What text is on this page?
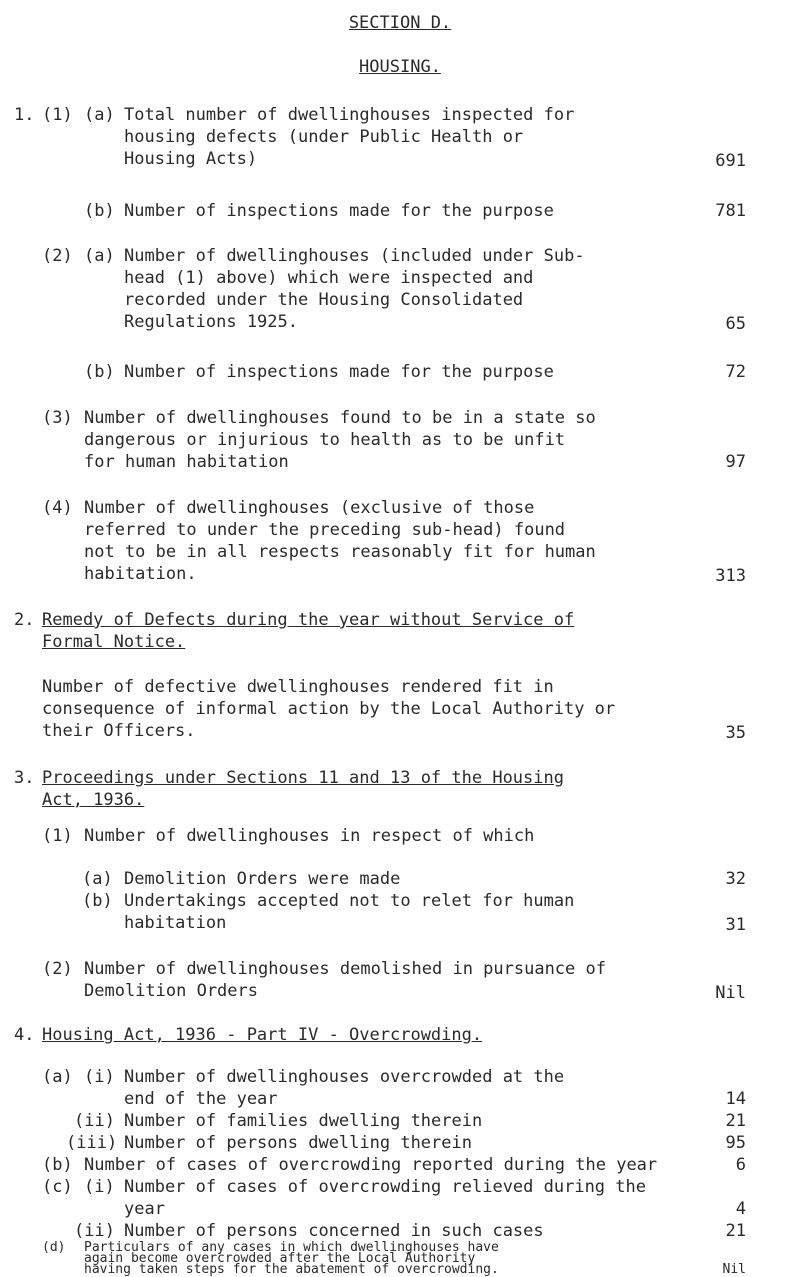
SECTION D.
HOUSING.
1. (1) (a) Total number of dwellinghouses inspected for
housing defects (under Public Health or
Housing Acts)	691
(b) Number of inspections made for the purpose	781
(2) (a) Number of dwellinghouses (included under Sub-
head (1) above) which were inspected and
recorded under the Housing Consolidated
Regulations 1925.	65
(b) Number of inspections made for the purpose	72
(3) Number of dwellinghouses found to be in a state so
dangerous or injurious to health as to be unfit
for human habitation	97
(4) Number of dwellinghouses (exclusive of those
referred to under the preceding sub-head) found
not to be in all respects reasonably fit for human
habitation.	313
2. Remedy of Defects during the year without Service of
Formal Notice.
Number of defective dwellinghouses rendered fit in
consequence of informal action by the Local Authority or
their Officers.	35
3. Proceedings under Sections 11 and 13 of the Housing
Act, 1936.
(1) Number of dwellinghouses in respect of which
(a) Demolition Orders were made	32
(b) Undertakings accepted not to relet for human
habitation	31
(2) Number of dwellinghouses demolished in pursuance of
Demolition Orders	Nil
4. Housing Act, 1936 - Part IV - Overcrowding.
(a) (i) Number of dwellinghouses overcrowded at the
end of the year	14
(ii) Number of families dwelling therein	21
(iii) Number of persons dwelling therein	95
(b) Number of cases of overcrowding reported during the year	6
(c) (i) Number of cases of overcrowding relieved during the
year	4
(ii) Number of persons concerned in such cases	21
(d) Particulars of any cases in which dwellinghouses have
again become overcrowded after the Local Authority
having taken steps for the abatement of overcrowding.	Nil
